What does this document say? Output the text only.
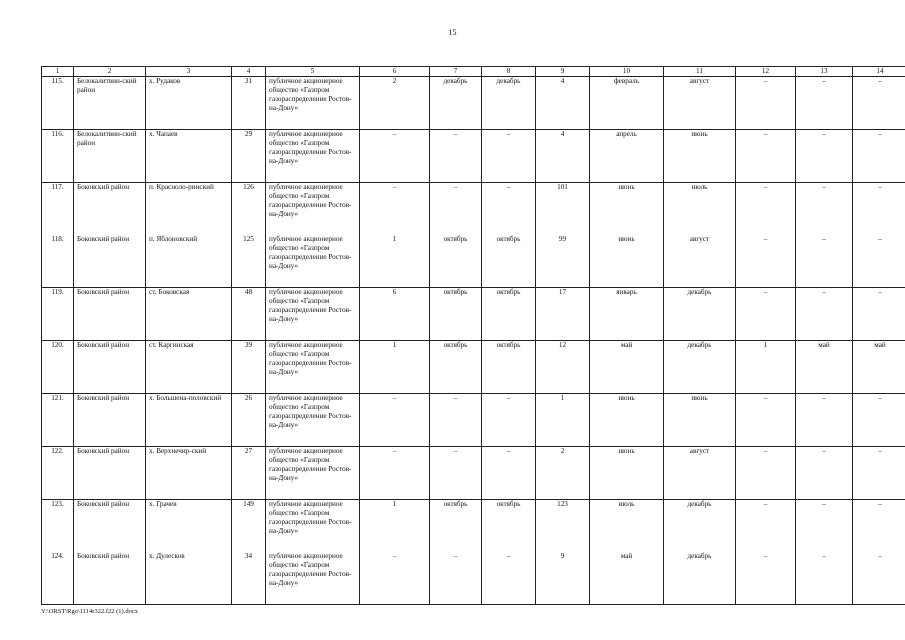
15
1	2	3	4	5	6	7	8	9	10	11	12	13	14
115.	Белокалитвин-ский район	х. Рудаков	31	публичное акционерное общество «Газпром газораспределение Ростов-на-Дону»	2	декабрь	декабрь	4	февраль	август	–	–	–
116.	Белокалитвин-ский район	х. Чапаев	29	публичное акционерное общество «Газпром газораспределение Ростов-на-Дону»	–	–	–	4	апрель	июнь	–	–	–
117.	Боковский район	п. Красноло-ринский	126	публичное акционерное общество «Газпром газораспределение Ростов-на-Дону»	–	–	–	101	июнь	июль	–	–	–
118.	Боковский район	п. Яблоновский	125	публичное акционерное общество «Газпром газораспределение Ростов-на-Дону»	1	октябрь	октябрь	99	июнь	август	–	–	–
119.	Боковский район	ст. Боковская	48	публичное акционерное общество «Газпром газораспределение Ростов-на-Дону»	6	октябрь	октябрь	17	январь	декабрь	–	–	–
120.	Боковский район	ст. Каргинская	39	публичное акционерное общество «Газпром газораспределение Ростов-на-Дону»	1	октябрь	октябрь	12	май	декабрь	1	май	май
121.	Боковский район	х. Большена-половский	26	публичное акционерное общество «Газпром газораспределение Ростов-на-Дону»	–	–	–	1	июнь	июнь	–	–	–
122.	Боковский район	х. Верхнечир-ский	27	публичное акционерное общество «Газпром газораспределение Ростов-на-Дону»	–	–	–	2	июнь	август	–	–	–
123.	Боковский район	х. Грачев	149	публичное акционерное общество «Газпром газораспределение Ростов-на-Дону»	1	октябрь	октябрь	123	июль	декабрь	–	–	–
124.	Боковский район	х. Дулесков	34	публичное акционерное общество «Газпром газораспределение Ростов-на-Дону»	–	–	–	9	май	декабрь	–	–	–
Y:\ORST\Rgo\1114r322.f22 (1).docx
